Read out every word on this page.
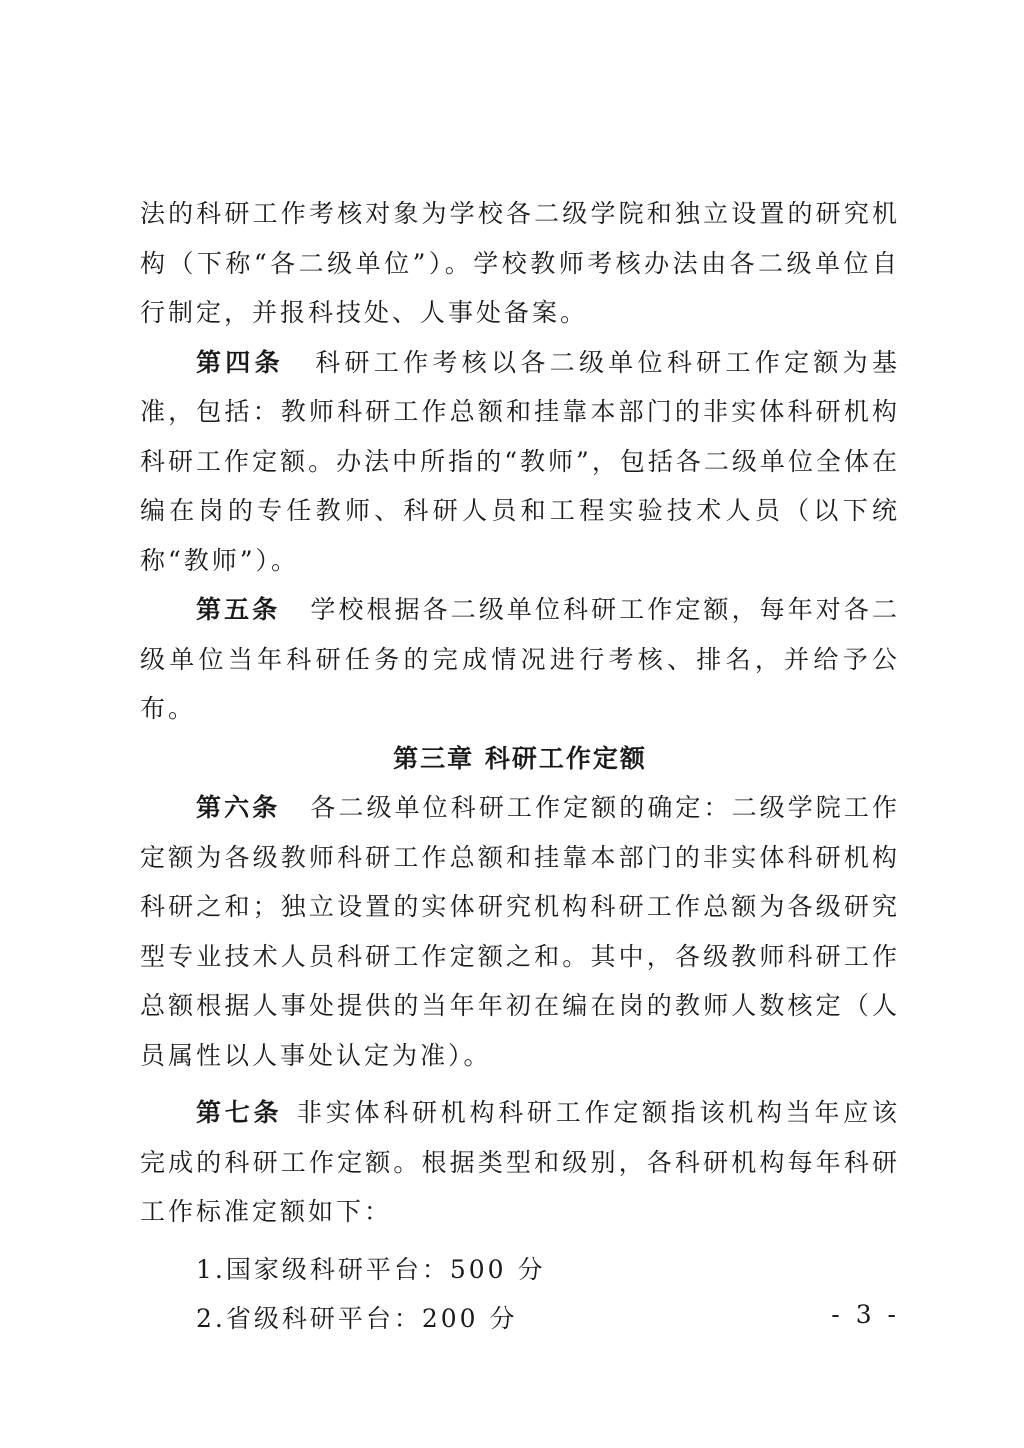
法的科研工作考核对象为学校各二级学院和独立设置的研究机构（下称“各二级单位”）。学校教师考核办法由各二级单位自行制定，并报科技处、人事处备案。

第四条 科研工作考核以各二级单位科研工作定额为基准，包括：教师科研工作总额和挂靠本部门的非实体科研机构科研工作定额。办法中所指的“教师”，包括各二级单位全体在编在岗的专任教师、科研人员和工程实验技术人员（以下统称“教师”）。

第五条 学校根据各二级单位科研工作定额，每年对各二级单位当年科研任务的完成情况进行考核、排名，并给予公布。

第三章 科研工作定额

第六条 各二级单位科研工作定额的确定：二级学院工作定额为各级教师科研工作总额和挂靠本部门的非实体科研机构科研之和；独立设置的实体研究机构科研工作总额为各级研究型专业技术人员科研工作定额之和。其中，各级教师科研工作总额根据人事处提供的当年年初在编在岗的教师人数核定（人员属性以人事处认定为准）。

第七条 非实体科研机构科研工作定额指该机构当年应该完成的科研工作定额。根据类型和级别，各科研机构每年科研工作标准定额如下：

1.国家级科研平台：500 分

2.省级科研平台：200 分	- 3 -
